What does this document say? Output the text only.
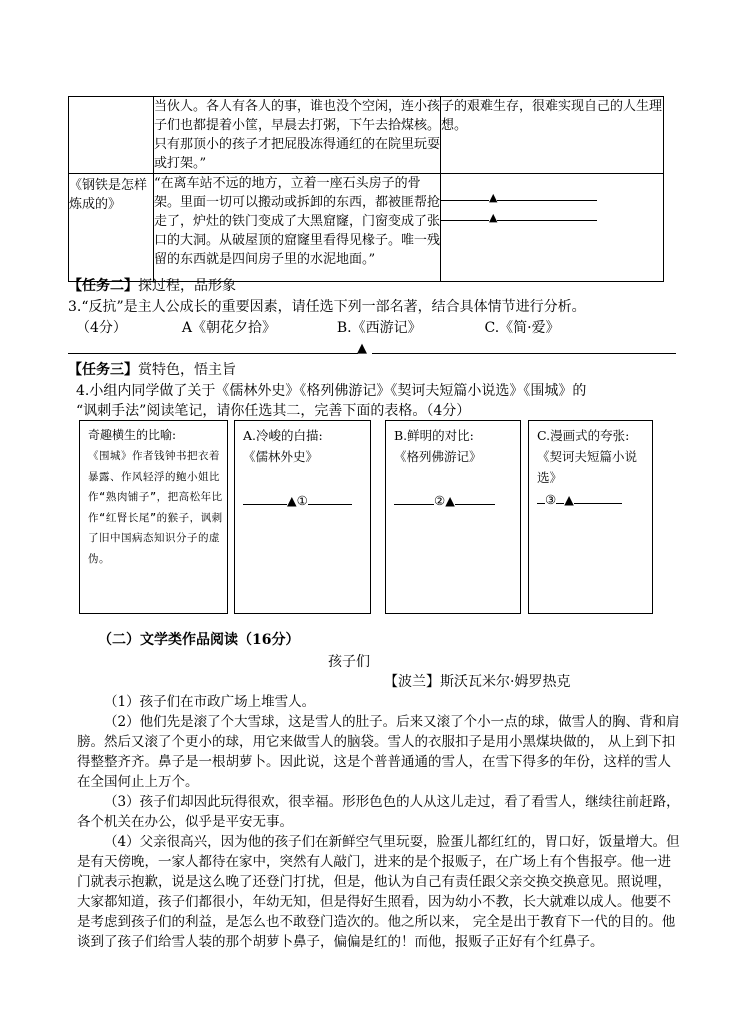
	当伙人。各人有各人的事，谁也没个空闲，连小孩子们也都提着小筐，早晨去打粥，下午去拾煤核。只有那顶小的孩子才把屁股冻得通红的在院里玩耍或打架。”	子的艰难生存，很难实现自己的人生理想。

《钢铁是怎样炼成的》	“在离车站不远的地方，立着一座石头房子的骨架。里面一切可以搬动或拆卸的东西，都被匪帮抢走了，炉灶的铁门变成了大黑窟窿，门窗变成了张口的大洞。从破屋顶的窟窿里看得见椽子。唯一残留的东西就是四间房子里的水泥地面。”	▲
▲
【任务二】探过程，品形象
3.“反抗”是主人公成长的重要因素，请任选下列一部名著，结合具体情节进行分析。
（4分）	A《朝花夕拾》	B.《西游记》	C.《简·爱》
▲
【任务三】赏特色，悟主旨
4.小组内同学做了关于《儒林外史》《格列佛游记》《契诃夫短篇小说选》《围城》的
“讽刺手法”阅读笔记，请你任选其二，完善下面的表格。（4分）
奇趣横生的比喻:
《围城》作者钱钟书把衣着暴露、作风轻浮的鲍小姐比作“熟肉铺子”，把高松年比作“红腎长尾”的猴子，讽刺了旧中国病态知识分子的虚伪。
A.冷峻的白描:
《儒林外史》
▲①
B.鲜明的对比:
《格列佛游记》
②▲
C.漫画式的夸张:
《契诃夫短篇小说选》
③ ▲
（二）文学类作品阅读（16分）
孩子们
【波兰】斯沃瓦米尔·姆罗热克

（1）孩子们在市政广场上堆雪人。

（2）他们先是滚了个大雪球，这是雪人的肚子。后来又滚了个小一点的球，做雪人的胸、背和肩膀。然后又滚了个更小的球，用它来做雪人的脑袋。雪人的衣服扣子是用小黑煤块做的， 从上到下扣得整整齐齐。鼻子是一根胡萝卜。因此说，这是个普普通通的雪人，在雪下得多的年份，这样的雪人在全国何止上万个。

（3）孩子们却因此玩得很欢，很幸福。形形色色的人从这儿走过，看了看雪人，继续往前赶路，各个机关在办公，似乎是平安无事。

（4）父亲很高兴，因为他的孩子们在新鲜空气里玩耍，脸蛋儿都红红的，胃口好，饭量增大。但是有天傍晚，一家人都待在家中，突然有人敲门，进来的是个报贩子，在广场上有个售报亭。他一进门就表示抱歉，说是这么晚了还登门打扰，但是，他认为自己有责任跟父亲交换交换意见。照说哩，大家都知道，孩子们都很小，年幼无知，但是得好生照看，因为幼小不教，长大就难以成人。他要不是考虑到孩子们的利益，是怎么也不敢登门造次的。他之所以来， 完全是出于教育下一代的目的。他谈到了孩子们给雪人装的那个胡萝卜鼻子，偏偏是红的！而他，报贩子正好有个红鼻子。
